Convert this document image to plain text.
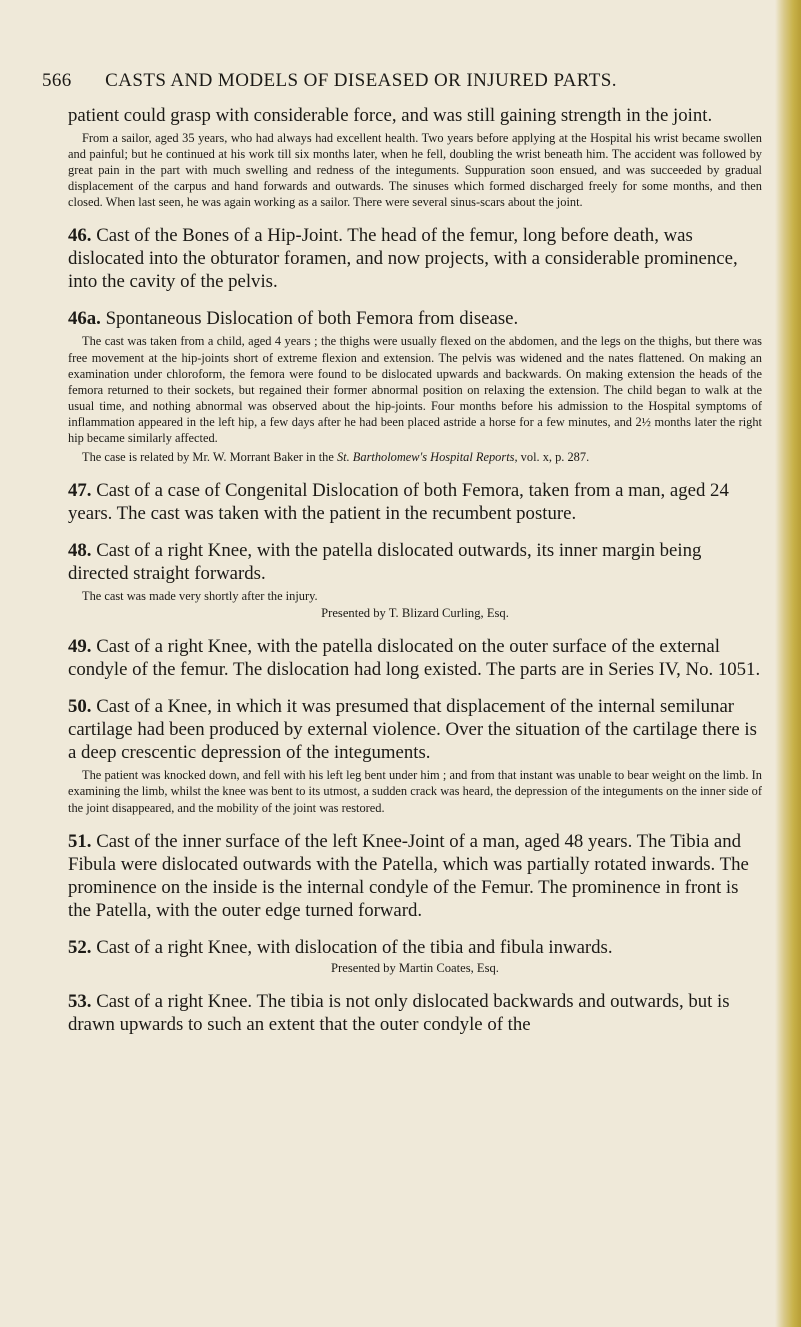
566 CASTS AND MODELS OF DISEASED OR INJURED PARTS.

patient could grasp with considerable force, and was still gaining strength in the joint.

From a sailor, aged 35 years, who had always had excellent health. Two years before applying at the Hospital his wrist became swollen and painful; but he continued at his work till six months later, when he fell, doubling the wrist beneath him. The accident was followed by great pain in the part with much swelling and redness of the integuments. Suppuration soon ensued, and was succeeded by gradual displacement of the carpus and hand forwards and outwards. The sinuses which formed discharged freely for some months, and then closed. When last seen, he was again working as a sailor. There were several sinus-scars about the joint.

46. Cast of the Bones of a Hip-Joint. The head of the femur, long before death, was dislocated into the obturator foramen, and now projects, with a considerable prominence, into the cavity of the pelvis.

46a. Spontaneous Dislocation of both Femora from disease.

The cast was taken from a child, aged 4 years ; the thighs were usually flexed on the abdomen, and the legs on the thighs, but there was free movement at the hip-joints short of extreme flexion and extension. The pelvis was widened and the nates flattened. On making an examination under chloroform, the femora were found to be dislocated upwards and backwards. On making extension the heads of the femora returned to their sockets, but regained their former abnormal position on relaxing the extension. The child began to walk at the usual time, and nothing abnormal was observed about the hip-joints. Four months before his admission to the Hospital symptoms of inflammation appeared in the left hip, a few days after he had been placed astride a horse for a few minutes, and 2½ months later the right hip became similarly affected.

The case is related by Mr. W. Morrant Baker in the St. Bartholomew's Hospital Reports, vol. x, p. 287.

47. Cast of a case of Congenital Dislocation of both Femora, taken from a man, aged 24 years. The cast was taken with the patient in the recumbent posture.

48. Cast of a right Knee, with the patella dislocated outwards, its inner margin being directed straight forwards.

The cast was made very shortly after the injury.

Presented by T. Blizard Curling, Esq.

49. Cast of a right Knee, with the patella dislocated on the outer surface of the external condyle of the femur. The dislocation had long existed. The parts are in Series IV, No. 1051.

50. Cast of a Knee, in which it was presumed that displacement of the internal semilunar cartilage had been produced by external violence. Over the situation of the cartilage there is a deep crescentic depression of the integuments.

The patient was knocked down, and fell with his left leg bent under him ; and from that instant was unable to bear weight on the limb. In examining the limb, whilst the knee was bent to its utmost, a sudden crack was heard, the depression of the integuments on the inner side of the joint disappeared, and the mobility of the joint was restored.

51. Cast of the inner surface of the left Knee-Joint of a man, aged 48 years. The Tibia and Fibula were dislocated outwards with the Patella, which was partially rotated inwards. The prominence on the inside is the internal condyle of the Femur. The prominence in front is the Patella, with the outer edge turned forward.

52. Cast of a right Knee, with dislocation of the tibia and fibula inwards.

Presented by Martin Coates, Esq.

53. Cast of a right Knee. The tibia is not only dislocated backwards and outwards, but is drawn upwards to such an extent that the outer condyle of the
